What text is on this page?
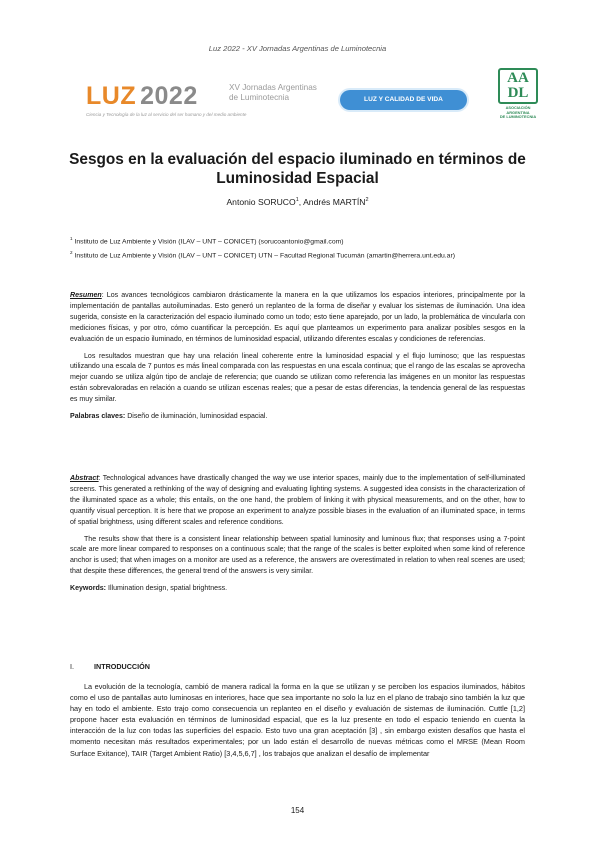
Luz 2022 - XV Jornadas Argentinas de Luminotecnia
LUZ 2022	XV Jornadas Argentinas
de Luminotecnia
Ciencia y Tecnología de la luz al servicio del ser humano y del medio ambiente
LUZ Y CALIDAD DE VIDA
AA
DL
ASOCIACIÓN
ARGENTINA
DE LUMINOTECNIA
Sesgos en la evaluación del espacio iluminado en términos de Luminosidad Espacial
Antonio SORUCO$^1$, Andrés MARTÍN$^2$
$^1$ Instituto de Luz Ambiente y Visión (ILAV – UNT – CONICET) (sorucoantonio@gmail.com)
$^2$ Instituto de Luz Ambiente y Visión (ILAV – UNT – CONICET) UTN – Facultad Regional Tucumán (amartin@herrera.unt.edu.ar)

Resumen: Los avances tecnológicos cambiaron drásticamente la manera en la que utilizamos los espacios interiores, principalmente por la implementación de pantallas autoiluminadas. Esto generó un replanteo de la forma de diseñar y evaluar los sistemas de iluminación. Una idea sugerida, consiste en la caracterización del espacio iluminado como un todo; esto tiene aparejado, por un lado, la problemática de vincularla con mediciones físicas, y por otro, cómo cuantificar la percepción. Es aquí que planteamos un experimento para analizar posibles sesgos en la evaluación de un espacio iluminado, en términos de luminosidad espacial, utilizando diferentes escalas y condiciones de referencias.

Los resultados muestran que hay una relación lineal coherente entre la luminosidad espacial y el flujo luminoso; que las respuestas utilizando una escala de 7 puntos es más lineal comparada con las respuestas en una escala continua; que el rango de las escalas se aprovecha mejor cuando se utiliza algún tipo de anclaje de referencia; que cuando se utilizan como referencia las imágenes en un monitor las respuestas están sobrevaloradas en relación a cuando se utilizan escenas reales; que a pesar de estas diferencias, la tendencia general de las respuestas es muy similar.

Palabras claves: Diseño de iluminación, luminosidad espacial.

Abstract: Technological advances have drastically changed the way we use interior spaces, mainly due to the implementation of self-illuminated screens. This generated a rethinking of the way of designing and evaluating lighting systems. A suggested idea consists in the characterization of the illuminated space as a whole; this entails, on the one hand, the problem of linking it with physical measurements, and on the other, how to quantify visual perception. It is here that we propose an experiment to analyze possible biases in the evaluation of an illuminated space, in terms of spatial brightness, using different scales and reference conditions.

The results show that there is a consistent linear relationship between spatial luminosity and luminous flux; that responses using a 7-point scale are more linear compared to responses on a continuous scale; that the range of the scales is better exploited when some kind of reference anchor is used; that when images on a monitor are used as a reference, the answers are overestimated in relation to when real scenes are used; that despite these differences, the general trend of the answers is very similar.

Keywords: Illumination design, spatial brightness.

I.	INTRODUCCIÓN

La evolución de la tecnología, cambió de manera radical la forma en la que se utilizan y se perciben los espacios iluminados, hábitos como el uso de pantallas auto luminosas en interiores, hace que sea importante no solo la luz en el plano de trabajo sino también la luz que hay en todo el ambiente. Esto trajo como consecuencia un replanteo en el diseño y evaluación de sistemas de iluminación. Cuttle [1,2] propone hacer esta evaluación en términos de luminosidad espacial, que es la luz presente en todo el espacio teniendo en cuenta la interacción de la luz con todas las superficies del espacio. Esto tuvo una gran aceptación [3] , sin embargo existen desafíos que hasta el momento necesitan más resultados experimentales; por un lado están el desarrollo de nuevas métricas como el MRSE (Mean Room Surface Exitance), TAIR (Target Ambient Ratio) [3,4,5,6,7] , los trabajos que analizan el desafío de implementar

154
